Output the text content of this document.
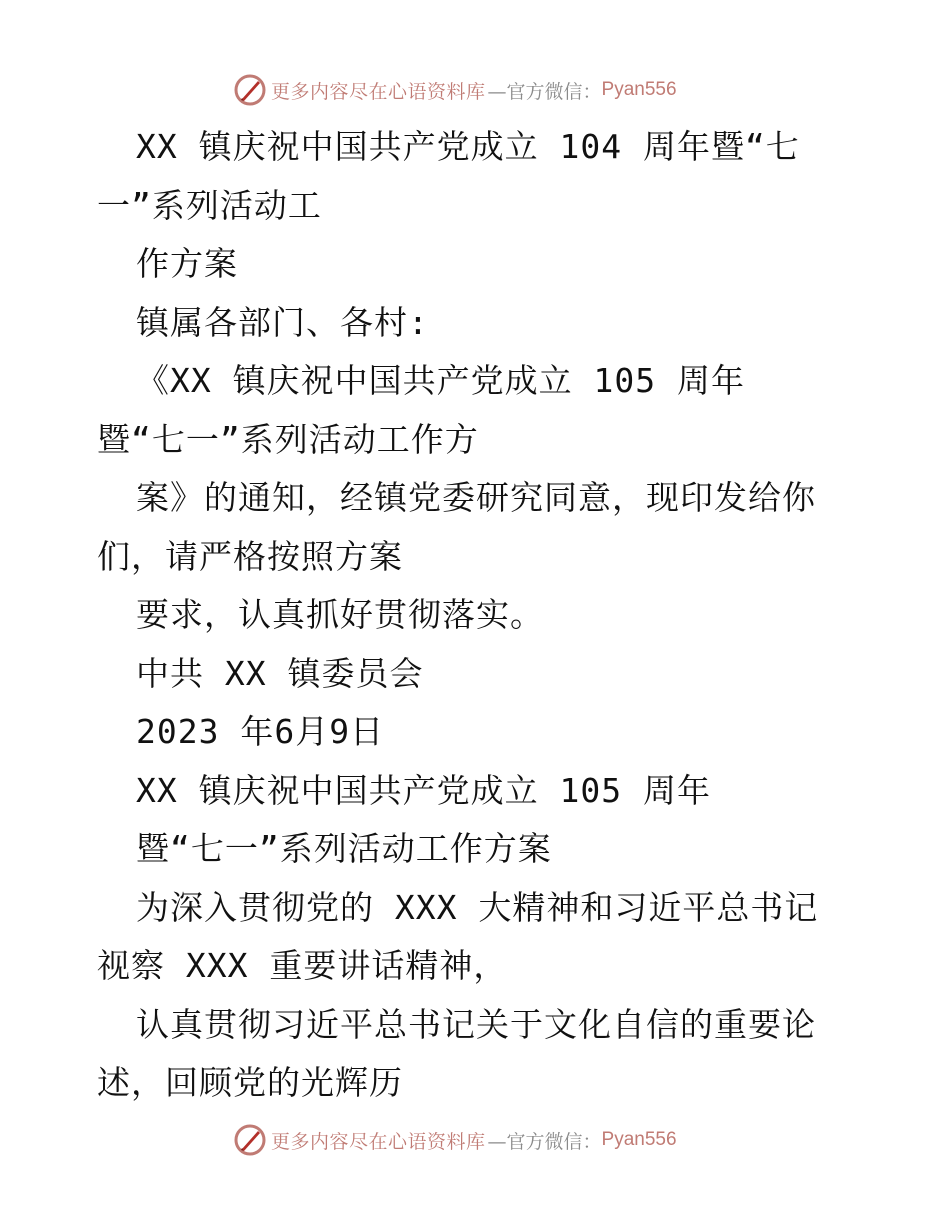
更多内容尽在心语资料库 —官方微信： Pyan556

XX 镇庆祝中国共产党成立 104 周年暨“七一”系列活动工

作方案

镇属各部门、各村:

《XX 镇庆祝中国共产党成立 105 周年暨“七一”系列活动工作方

案》的通知，经镇党委研究同意，现印发给你们，请严格按照方案

要求，认真抓好贯彻落实。

中共 XX 镇委员会

2023 年6月9日

XX 镇庆祝中国共产党成立 105 周年

暨“七一”系列活动工作方案

为深入贯彻党的 XXX 大精神和习近平总书记视察 XXX 重要讲话精神，

认真贯彻习近平总书记关于文化自信的重要论述，回顾党的光辉历

更多内容尽在心语资料库 —官方微信： Pyan556
